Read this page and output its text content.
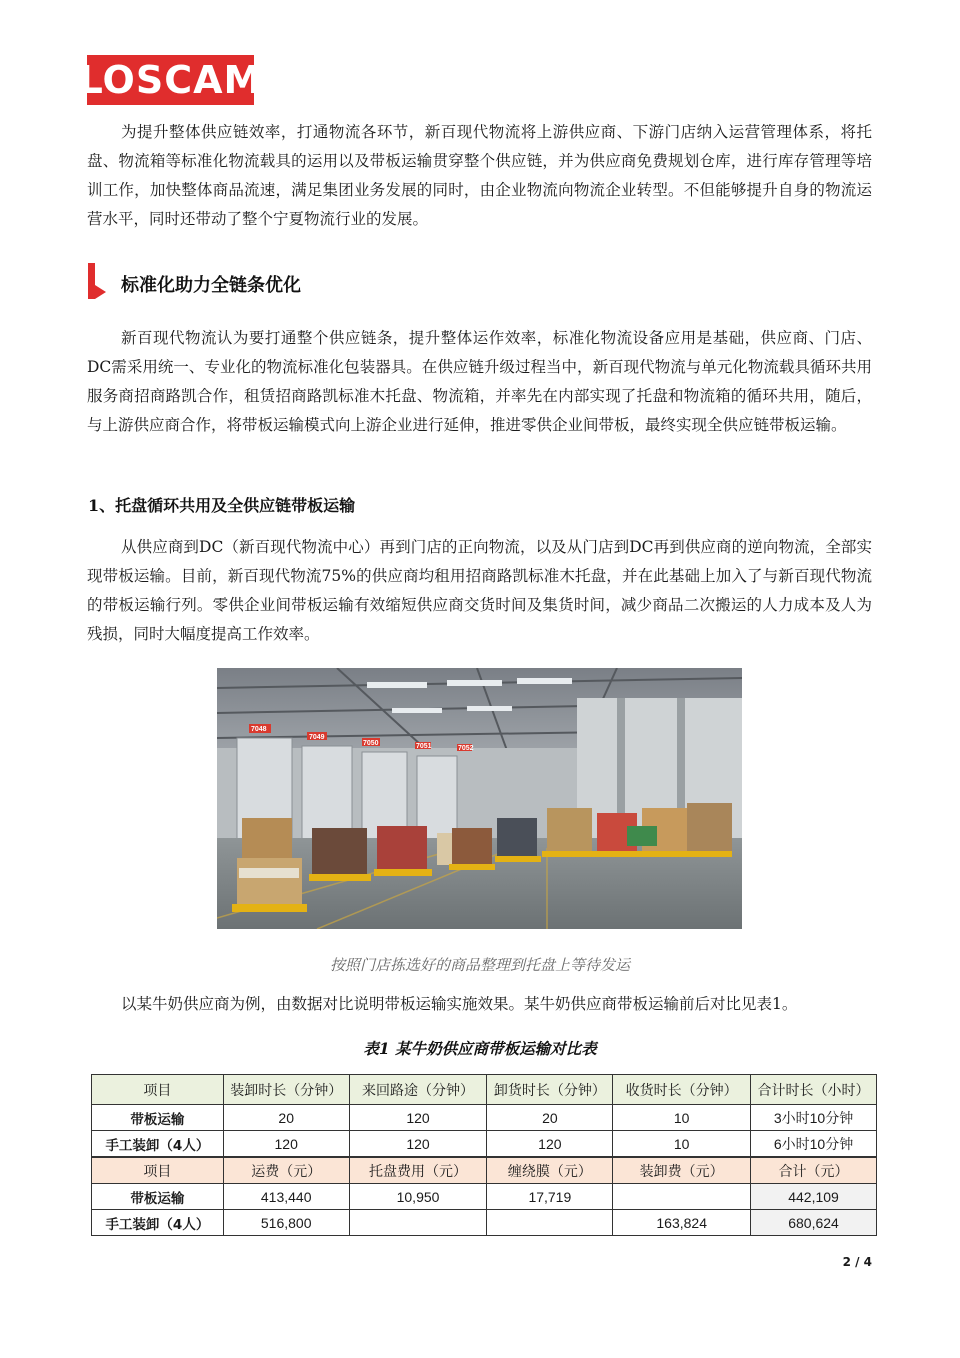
LOSCAM

为提升整体供应链效率，打通物流各环节，新百现代物流将上游供应商、下游门店纳入运营管理体系，将托盘、物流箱等标准化物流载具的运用以及带板运输贯穿整个供应链，并为供应商免费规划仓库，进行库存管理等培训工作，加快整体商品流速，满足集团业务发展的同时，由企业物流向物流企业转型。不但能够提升自身的物流运营水平，同时还带动了整个宁夏物流行业的发展。

标准化助力全链条优化

新百现代物流认为要打通整个供应链条，提升整体运作效率，标准化物流设备应用是基础，供应商、门店、DC需采用统一、专业化的物流标准化包装器具。在供应链升级过程当中，新百现代物流与单元化物流载具循环共用服务商招商路凯合作，租赁招商路凯标准木托盘、物流箱，并率先在内部实现了托盘和物流箱的循环共用，随后，与上游供应商合作，将带板运输模式向上游企业进行延伸，推进零供企业间带板，最终实现全供应链带板运输。

1、托盘循环共用及全供应链带板运输

从供应商到DC（新百现代物流中心）再到门店的正向物流，以及从门店到DC再到供应商的逆向物流，全部实现带板运输。目前，新百现代物流75%的供应商均租用招商路凯标准木托盘，并在此基础上加入了与新百现代物流的带板运输行列。零供企业间带板运输有效缩短供应商交货时间及集货时间，减少商品二次搬运的人力成本及人为残损，同时大幅度提高工作效率。

7048
7049
7050	7051	7052
按照门店拣选好的商品整理到托盘上等待发运

以某牛奶供应商为例，由数据对比说明带板运输实施效果。某牛奶供应商带板运输前后对比见表1。

表1 某牛奶供应商带板运输对比表
项目	装卸时长（分钟）	来回路途（分钟）	卸货时长（分钟）	收货时长（分钟）	合计时长（小时）
带板运输	20	120	20	10	3小时10分钟
手工装卸（4人）	120	120	120	10	6小时10分钟
项目	运费（元）	托盘费用（元）	缠绕膜（元）	装卸费（元）	合计（元）
带板运输	413,440	10,950	17,719		442,109
手工装卸（4人）	516,800			163,824	680,624
2 / 4
